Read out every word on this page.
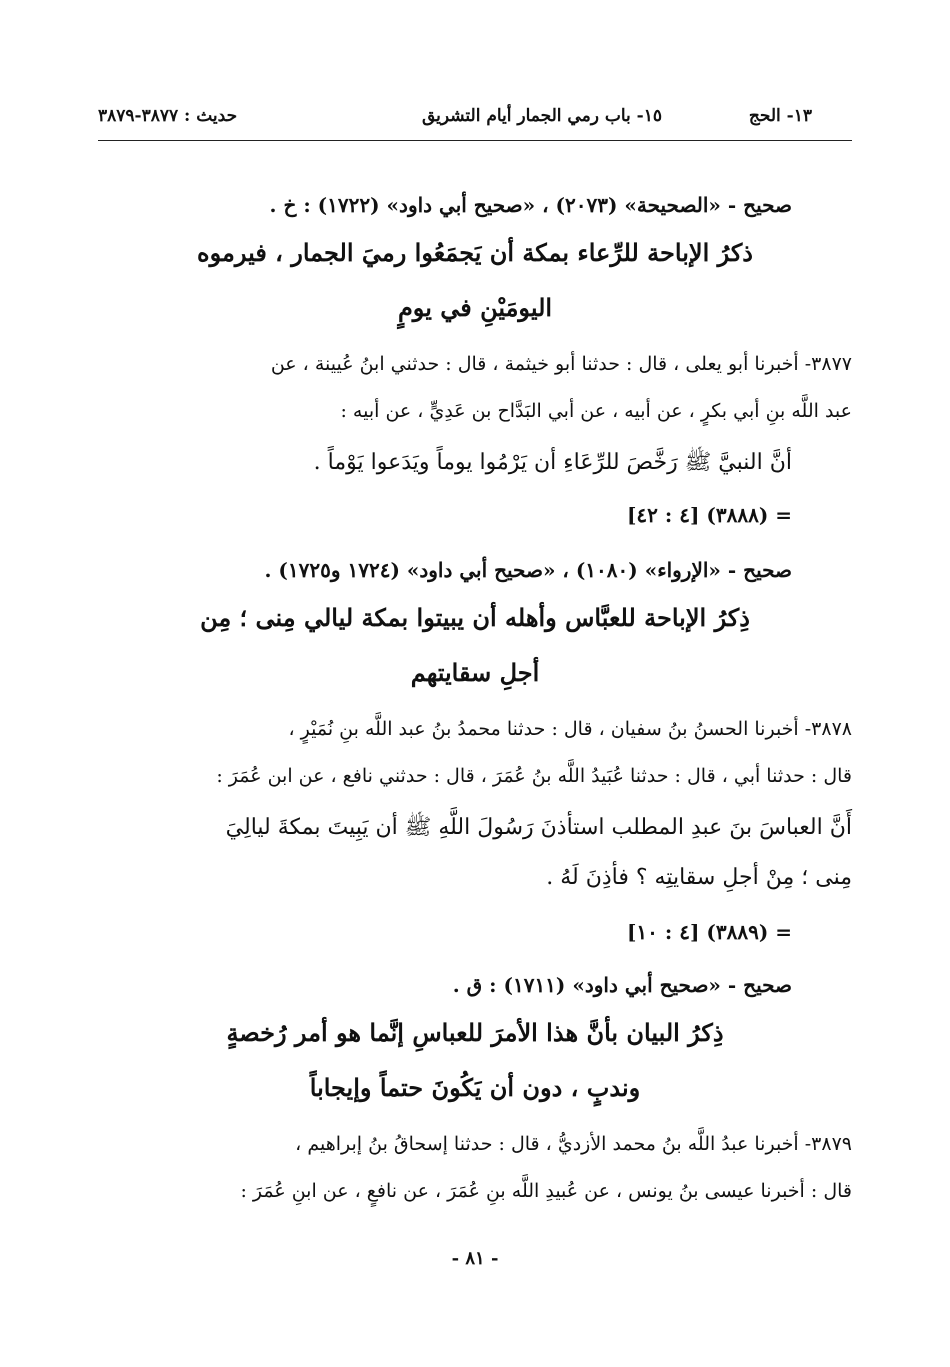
١٣- الحج
١٥- باب رمي الجمار أيام التشريق
حديث : ٣٨٧٧-٣٨٧٩
صحيح - «الصحيحة» (٢٠٧٣) ، «صحيح أبي داود» (١٧٢٢) : خ .
ذكرُ الإباحة للرِّعاء بمكة أن يَجمَعُوا رميَ الجمار ، فيرموه
اليومَيْنِ في يومٍ
٣٨٧٧- أخبرنا أبو يعلى ، قال : حدثنا أبو خيثمة ، قال : حدثني ابنُ عُيينة ، عن
عبد اللَّه بنِ أبي بكرٍ ، عن أبيه ، عن أبي البَدَّاح بن عَدِيٍّ ، عن أبيه :
أنَّ النبيَّ ﷺ رَخَّصَ للرِّعَاءِ أن يَرْمُوا يوماً ويَدَعوا يَوْماً .
= (٣٨٨٨) [٤ : ٤٢]
صحيح - «الإرواء» (١٠٨٠) ، «صحيح أبي داود» (١٧٢٤ و١٧٢٥) .
ذِكرُ الإباحة للعبَّاس وأهله أن يبيتوا بمكة ليالي مِنى ؛ مِن
أجلِ سقايتهم
٣٨٧٨- أخبرنا الحسنُ بنُ سفيان ، قال : حدثنا محمدُ بنُ عبد اللَّه بنِ نُمَيْرٍ ،
قال : حدثنا أبي ، قال : حدثنا عُبَيدُ اللَّه بنُ عُمَرَ ، قال : حدثني نافع ، عن ابن عُمَرَ :
أَنَّ العباسَ بنَ عبدِ المطلب استأذنَ رَسُولَ اللَّهِ ﷺ أن يَبِيتَ بمكةَ ليالِيَ
مِنى ؛ مِنْ أجلِ سقايتِه ؟ فأذِنَ لَهُ .
= (٣٨٨٩) [٤ : ١٠]
صحيح - «صحيح أبي داود» (١٧١١) : ق .
ذِكرُ البيان بأنَّ هذا الأمرَ للعباسِ إنَّما هو أمر رُخصةٍ
وندبٍ ، دون أن يَكُونَ حتماً وإيجاباً
٣٨٧٩- أخبرنا عبدُ اللَّه بنُ محمد الأزديُّ ، قال : حدثنا إسحاقُ بنُ إبراهيم ،
قال : أخبرنا عيسى بنُ يونس ، عن عُبيدِ اللَّه بنِ عُمَرَ ، عن نافعٍ ، عن ابنِ عُمَرَ :
- ٨١ -
